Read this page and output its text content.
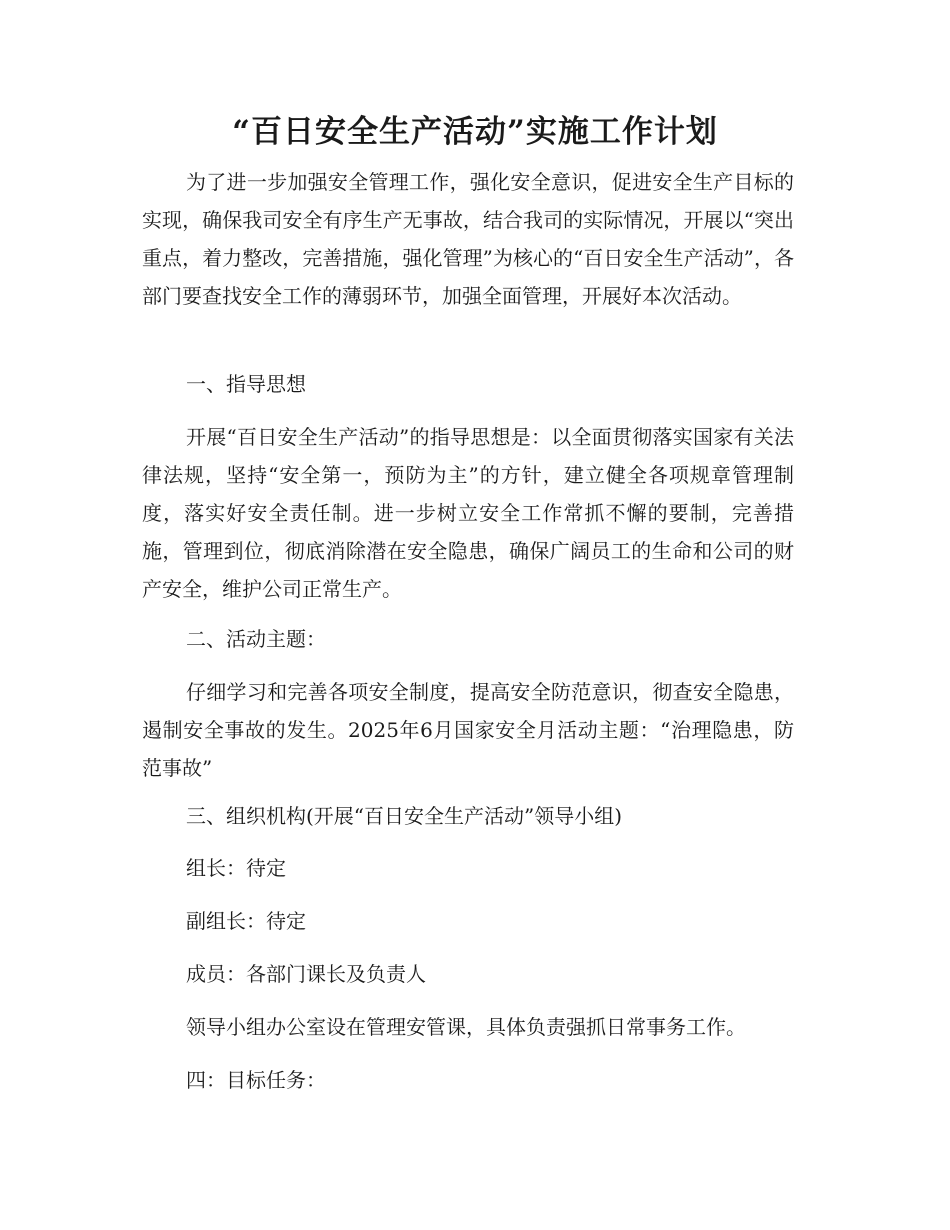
“百日安全生产活动”实施工作计划

为了进一步加强安全管理工作，强化安全意识，促进安全生产目标的实现，确保我司安全有序生产无事故，结合我司的实际情况，开展以“突出重点，着力整改，完善措施，强化管理”为核心的“百日安全生产活动”，各部门要查找安全工作的薄弱环节，加强全面管理，开展好本次活动。

一、指导思想

开展“百日安全生产活动”的指导思想是：以全面贯彻落实国家有关法律法规，坚持“安全第一，预防为主”的方针，建立健全各项规章管理制度，落实好安全责任制。进一步树立安全工作常抓不懈的要制，完善措施，管理到位，彻底消除潜在安全隐患，确保广阔员工的生命和公司的财产安全，维护公司正常生产。

二、活动主题：

仔细学习和完善各项安全制度，提高安全防范意识，彻查安全隐患，遏制安全事故的发生。2025年6月国家安全月活动主题：“治理隐患，防范事故”

三、组织机构(开展“百日安全生产活动”领导小组)

组长：待定

副组长：待定

成员：各部门课长及负责人

领导小组办公室设在管理安管课，具体负责强抓日常事务工作。

四：目标任务：
